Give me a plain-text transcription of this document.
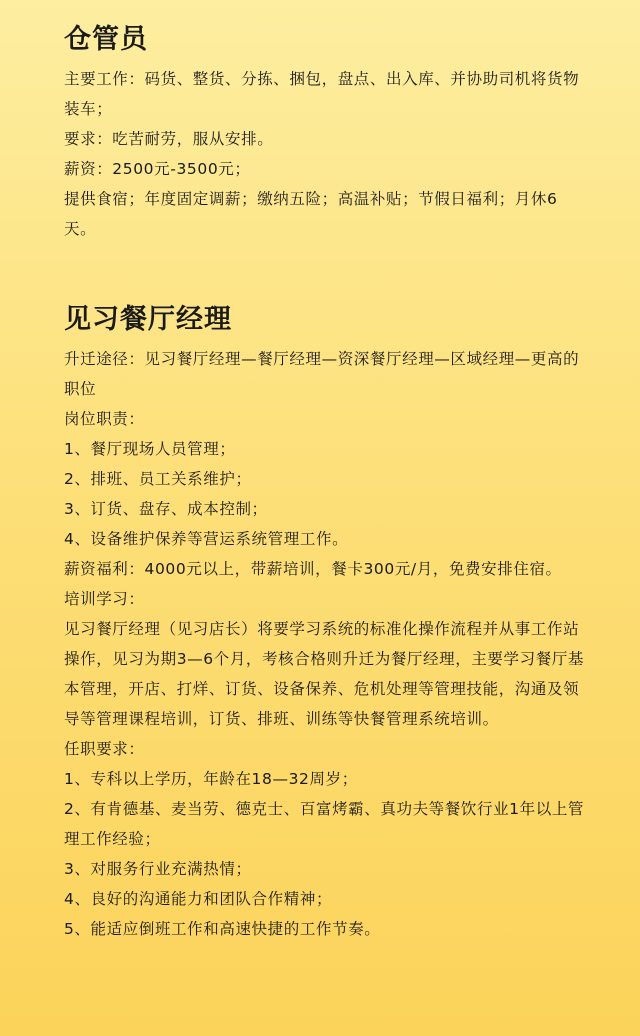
仓管员

主要工作：码货、整货、分拣、捆包，盘点、出入库、并协助司机将货物装车；

要求：吃苦耐劳，服从安排。

薪资：2500元-3500元；

提供食宿；年度固定调薪；缴纳五险；高温补贴；节假日福利；月休6天。

见习餐厅经理

升迁途径：见习餐厅经理—餐厅经理—资深餐厅经理—区域经理—更高的职位

岗位职责：

1、餐厅现场人员管理；
2、排班、员工关系维护；
3、订货、盘存、成本控制；
4、设备维护保养等营运系统管理工作。

薪资福利：4000元以上，带薪培训，餐卡300元/月，免费安排住宿。

培训学习：

见习餐厅经理（见习店长）将要学习系统的标准化操作流程并从事工作站操作，见习为期3—6个月，考核合格则升迁为餐厅经理，主要学习餐厅基本管理，开店、打烊、订货、设备保养、危机处理等管理技能，沟通及领导等管理课程培训，订货、排班、训练等快餐管理系统培训。

任职要求：

1、专科以上学历，年龄在18—32周岁；
2、有肯德基、麦当劳、德克士、百富烤霸、真功夫等餐饮行业1年以上管理工作经验；
3、对服务行业充满热情；
4、良好的沟通能力和团队合作精神；
5、能适应倒班工作和高速快捷的工作节奏。
